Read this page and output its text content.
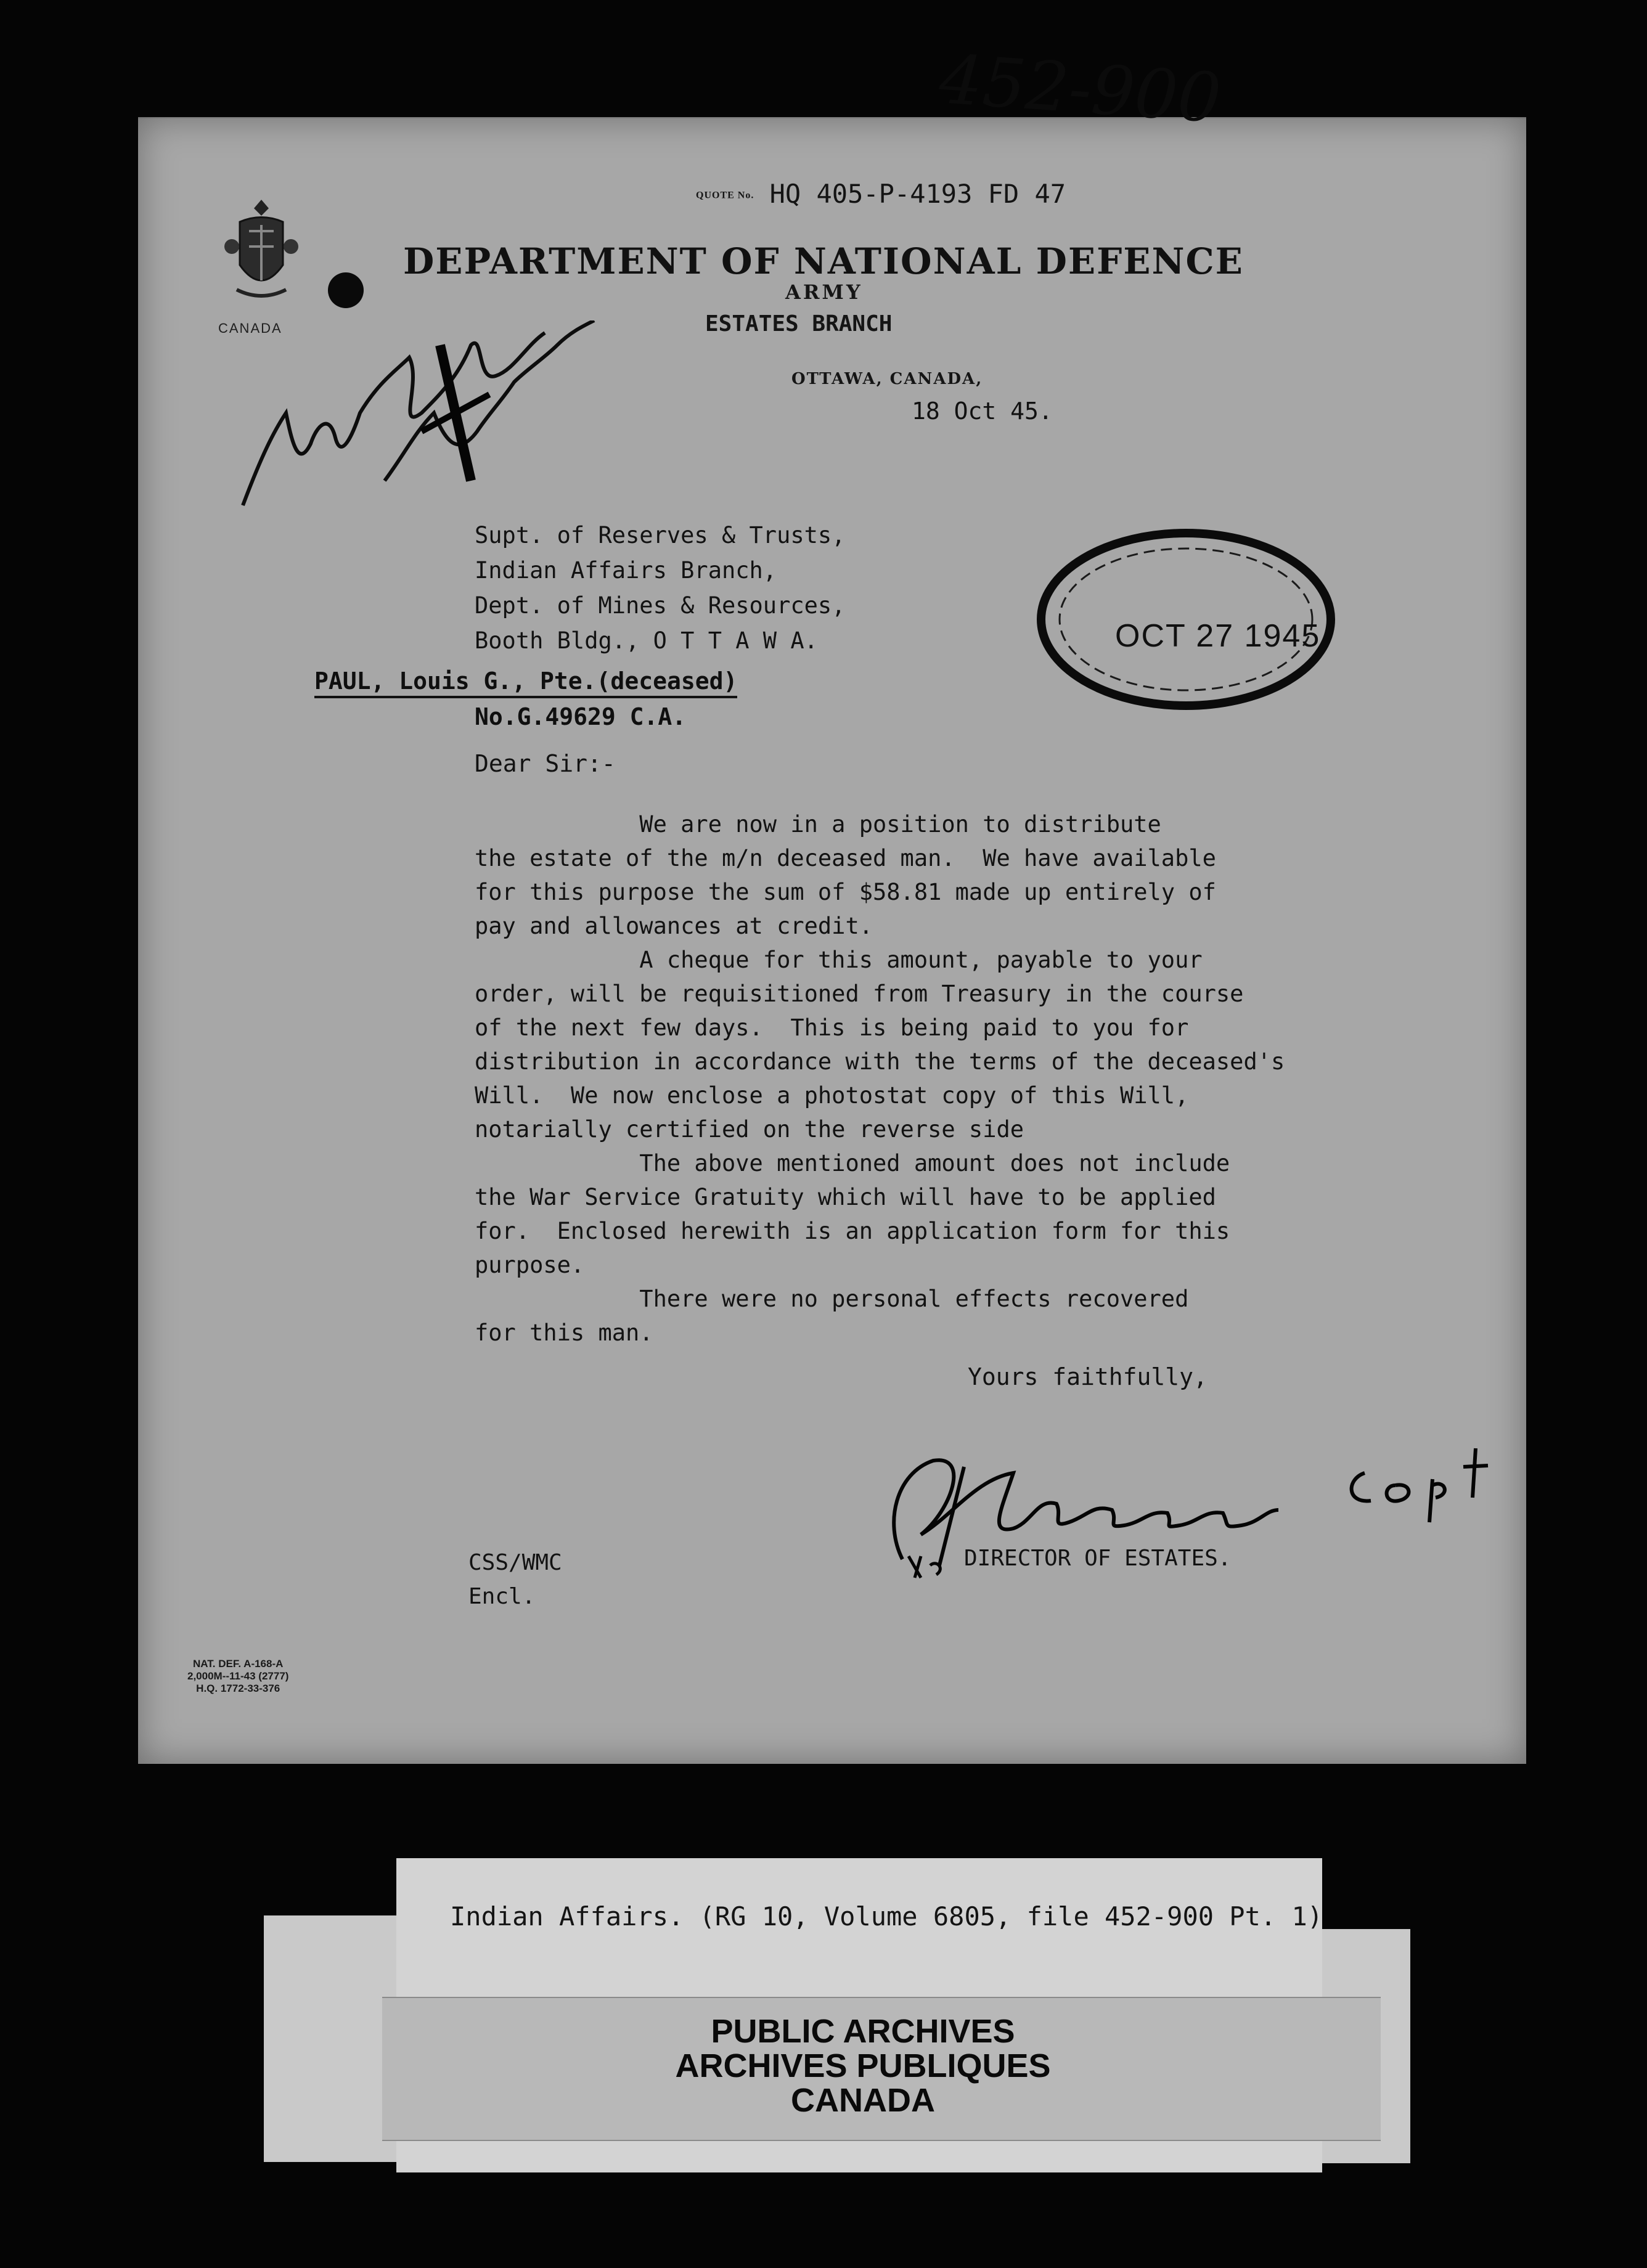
CANADA
QUOTE No. HQ 405-P-4193 FD 47
452-900
DEPARTMENT OF NATIONAL DEFENCE
ARMY
ESTATES BRANCH
OTTAWA, CANADA,
18 Oct 45.
Supt. of Reserves & Trusts,
Indian Affairs Branch,
Dept. of Mines & Resources,
Booth Bldg., O T T A W A.	OCT 27 1945
PAUL, Louis G., Pte.(deceased)
No.G.49629 C.A.
Dear Sir:-
We are now in a position to distribute
the estate of the m/n deceased man.  We have available
for this purpose the sum of $58.81 made up entirely of
pay and allowances at credit.
A cheque for this amount, payable to your
order, will be requisitioned from Treasury in the course
of the next few days.  This is being paid to you for
distribution in accordance with the terms of the deceased's
Will.  We now enclose a photostat copy of this Will,
notarially certified on the reverse side
The above mentioned amount does not include
the War Service Gratuity which will have to be applied
for.  Enclosed herewith is an application form for this
purpose.
There were no personal effects recovered
for this man.
Yours faithfully,
DIRECTOR OF ESTATES.
CSS/WMC
Encl.
NAT. DEF. A-168-A
2,000M--11-43 (2777)
H.Q. 1772-33-376
Indian Affairs. (RG 10, Volume 6805, file 452-900 Pt. 1)
PUBLIC ARCHIVES
ARCHIVES PUBLIQUES
CANADA
